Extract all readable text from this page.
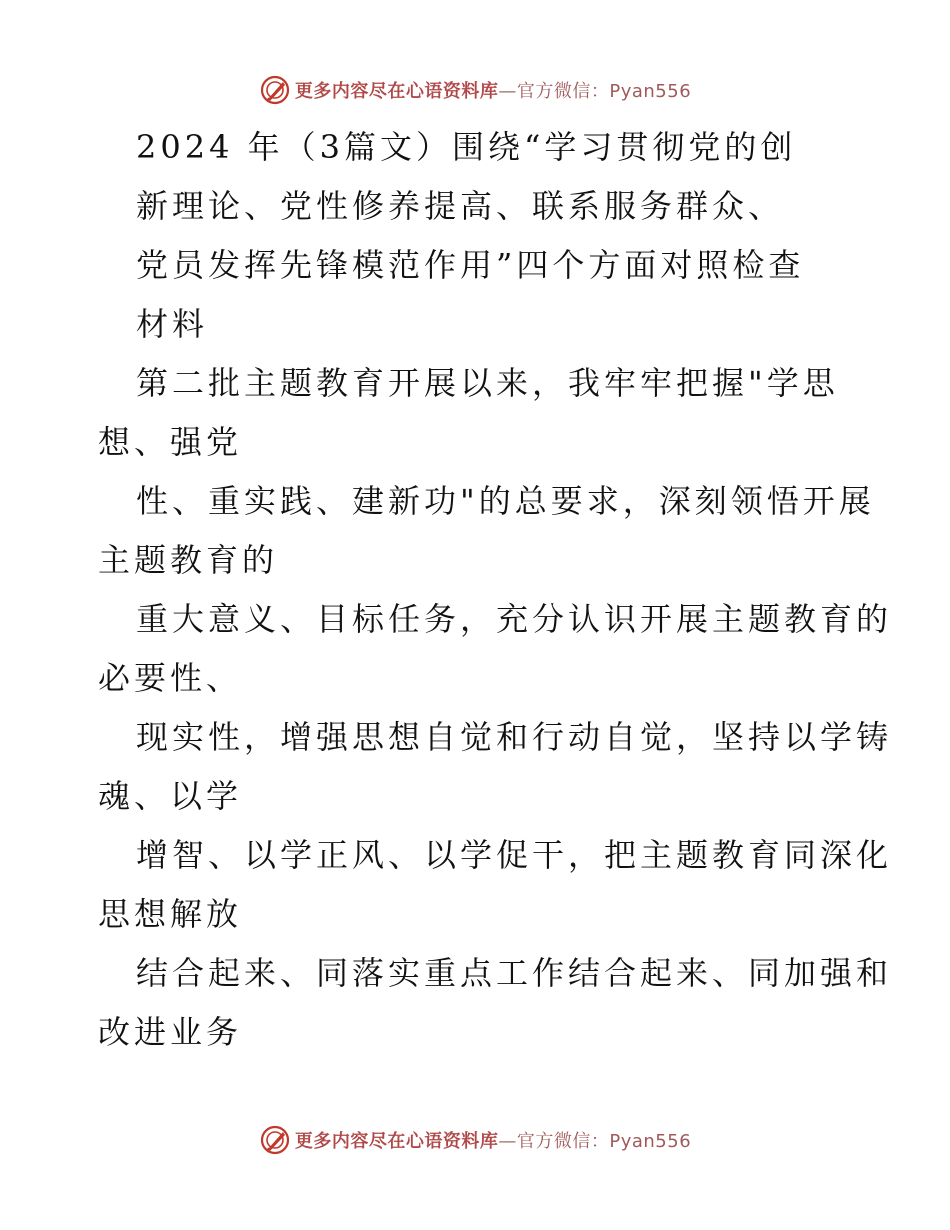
更多内容尽在心语资料库—官方微信：Pyan556
2024 年（3篇文）围绕“学习贯彻党的创
新理论、党性修养提高、联系服务群众、
党员发挥先锋模范作用”四个方面对照检查
材料
第二批主题教育开展以来，我牢牢把握"学思
想、强党
性、重实践、建新功"的总要求，深刻领悟开展
主题教育的
重大意义、目标任务，充分认识开展主题教育的
必要性、
现实性，增强思想自觉和行动自觉，坚持以学铸
魂、以学
增智、以学正风、以学促干，把主题教育同深化
思想解放
结合起来、同落实重点工作结合起来、同加强和
改进业务
更多内容尽在心语资料库—官方微信：Pyan556
